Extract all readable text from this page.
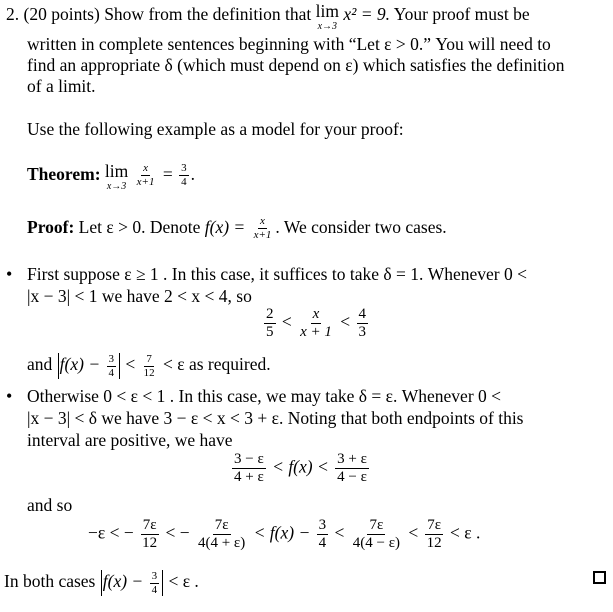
2. (20 points) Show from the definition that lim
x→3
x² = 9. Your proof must be
written in complete sentences beginning with “Let ε > 0.” You will need to
find an appropriate δ (which must depend on ε) which satisfies the definition
of a limit.
Use the following example as a model for your proof:
Theorem: lim
x→3
$\frac{x}{x+1} = \frac{3}{4}$ .
Proof: Let ε > 0. Denote $f(x) = \frac{x}{x+1}$ . We consider two cases.
• First suppose ε ≥ 1 . In this case, it suffices to take δ = 1. Whenever 0 <
|x − 3| < 1 we have 2 < x < 4, so
$\frac{2}{5} < \frac{x}{x + 1} < \frac{4}{3}$
and $f(x) - \frac{3}{4} < \frac{7}{12} < \varepsilon$ as required.
• Otherwise 0 < ε < 1 . In this case, we may take δ = ε. Whenever 0 <
|x − 3| < δ we have 3 − ε < x < 3 + ε. Noting that both endpoints of this
interval are positive, we have
$\frac{3 - \varepsilon}{4 + \varepsilon} < f(x) < \frac{3 + \varepsilon}{4 - \varepsilon}$
and so
−ε < − $\frac{7\varepsilon}{12}$ < − $\frac{7\varepsilon}{4(4 + \varepsilon)} < f(x) - \frac{3}{4} < \frac{7\varepsilon}{4(4 - \varepsilon)} < \frac{7\varepsilon}{12} < \varepsilon$ .
In both cases $f(x) - \frac{3}{4} < \varepsilon$ .
